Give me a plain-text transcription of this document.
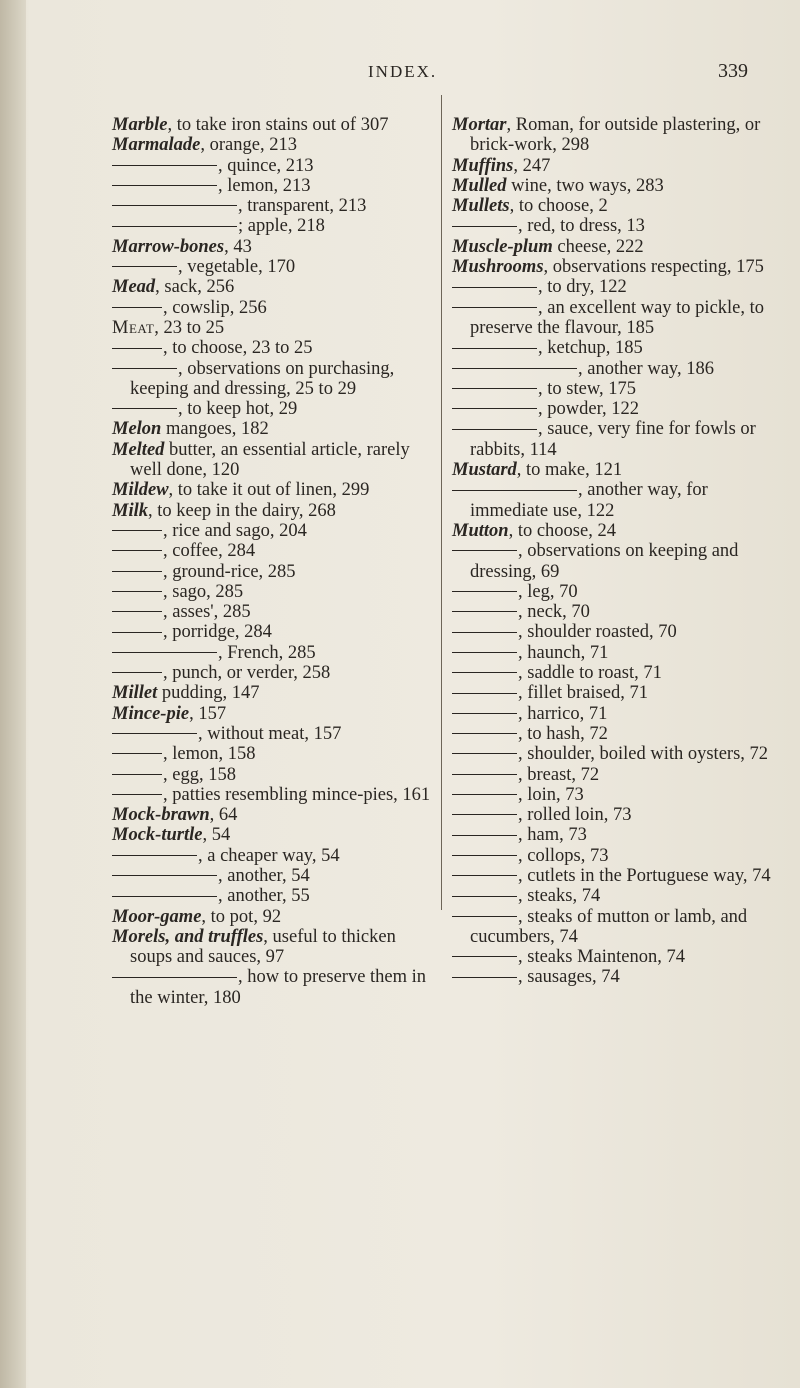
INDEX.	339
Marble, to take iron stains out of 307
Marmalade, orange, 213
, quince, 213
, lemon, 213
, transparent, 213
; apple, 218
Marrow-bones, 43
, vegetable, 170
Mead, sack, 256
, cowslip, 256
Meat, 23 to 25
, to choose, 23 to 25
, observations on purchasing, keeping and dressing, 25 to 29
, to keep hot, 29
Melon mangoes, 182
Melted butter, an essential article, rarely well done, 120
Mildew, to take it out of linen, 299
Milk, to keep in the dairy, 268
, rice and sago, 204
, coffee, 284
, ground-rice, 285
, sago, 285
, asses', 285
, porridge, 284
, French, 285
, punch, or verder, 258
Millet pudding, 147
Mince-pie, 157
, without meat, 157
, lemon, 158
, egg, 158
, patties resembling mince-pies, 161
Mock-brawn, 64
Mock-turtle, 54
, a cheaper way, 54
, another, 54
, another, 55
Moor-game, to pot, 92
Morels, and truffles, useful to thicken soups and sauces, 97
, how to preserve them in the winter, 180
Mortar, Roman, for outside plastering, or brick-work, 298
Muffins, 247
Mulled wine, two ways, 283
Mullets, to choose, 2
, red, to dress, 13
Muscle-plum cheese, 222
Mushrooms, observations respecting, 175
, to dry, 122
, an excellent way to pickle, to preserve the flavour, 185
, ketchup, 185
, another way, 186
, to stew, 175
, powder, 122
, sauce, very fine for fowls or rabbits, 114
Mustard, to make, 121
, another way, for immediate use, 122
Mutton, to choose, 24
, observations on keeping and dressing, 69
, leg, 70
, neck, 70
, shoulder roasted, 70
, haunch, 71
, saddle to roast, 71
, fillet braised, 71
, harrico, 71
, to hash, 72
, shoulder, boiled with oysters, 72
, breast, 72
, loin, 73
, rolled loin, 73
, ham, 73
, collops, 73
, cutlets in the Portuguese way, 74
, steaks, 74
, steaks of mutton or lamb, and cucumbers, 74
, steaks Maintenon, 74
, sausages, 74
